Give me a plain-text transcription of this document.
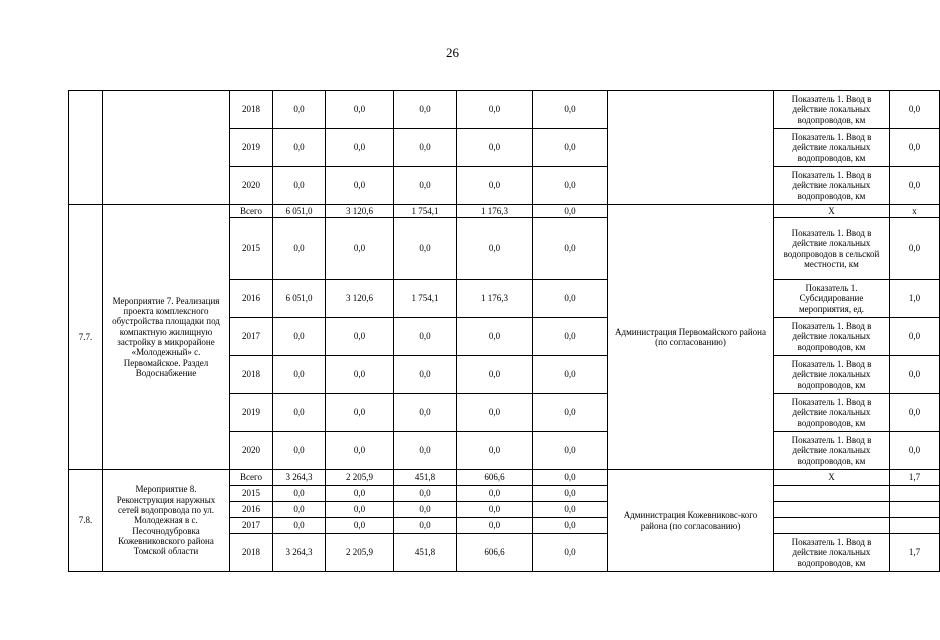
26
		2018	0,0	0,0	0,0	0,0	0,0		Показатель 1. Ввод в действие локальных водопроводов, км	0,0
		2019	0,0	0,0	0,0	0,0	0,0		Показатель 1. Ввод в действие локальных водопроводов, км	0,0
		2020	0,0	0,0	0,0	0,0	0,0		Показатель 1. Ввод в действие локальных водопроводов, км	0,0
7.7.	Мероприятие 7. Реализация проекта комплексного обустройства площадки под компактную жилищную застройку в микрорайоне «Молодежный» с. Первомайское. Раздел Водоснабжение	Всего	6 051,0	3 120,6	1 754,1	1 176,3	0,0	Администрация Первомайского района (по согласованию)	Х	х
		2015	0,0	0,0	0,0	0,0	0,0		Показатель 1. Ввод в действие локальных водопроводов в сельской местности, км	0,0
		2016	6 051,0	3 120,6	1 754,1	1 176,3	0,0		Показатель 1. Субсидирование мероприятия, ед.	1,0
		2017	0,0	0,0	0,0	0,0	0,0		Показатель 1. Ввод в действие локальных водопроводов, км	0,0
		2018	0,0	0,0	0,0	0,0	0,0		Показатель 1. Ввод в действие локальных водопроводов, км	0,0
		2019	0,0	0,0	0,0	0,0	0,0		Показатель 1. Ввод в действие локальных водопроводов, км	0,0
		2020	0,0	0,0	0,0	0,0	0,0		Показатель 1. Ввод в действие локальных водопроводов, км	0,0
7.8.	Мероприятие 8. Реконструкция наружных сетей водопровода по ул. Молодежная в с. Песочнодубровка Кожевниковского района Томской области	Всего	3 264,3	2 205,9	451,8	606,6	0,0	Администрация Кожевниковс-кого района (по согласованию)	Х	1,7
		2015	0,0	0,0	0,0	0,0	0,0			
		2016	0,0	0,0	0,0	0,0	0,0			
		2017	0,0	0,0	0,0	0,0	0,0			
		2018	3 264,3	2 205,9	451,8	606,6	0,0		Показатель 1. Ввод в действие локальных водопроводов, км	1,7
